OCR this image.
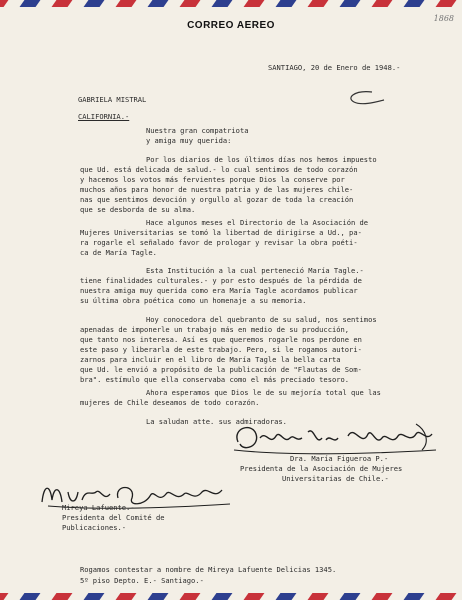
CORREO AEREO
1868
SANTIAGO, 20 de Enero de 1948.-
GABRIELA MISTRAL
CALIFORNIA.-
Nuestra gran compatriota
y amiga muy querida:
Por los diarios de los últimos días nos hemos impuesto
que Ud. está delicada de salud.- lo cual sentimos de todo corazón
y hacemos los votos más fervientes porque Dios la conserve por
muchos años para honor de nuestra patria y de las mujeres chile-
nas que sentimos devoción y orgullo al gozar de toda la creación
que se desborda de su alma.
Hace algunos meses el Directorio de la Asociación de
Mujeres Universitarias se tomó la libertad de dirigirse a Ud., pa-
ra rogarle el señalado favor de prologar y revisar la obra poéti-
ca de María Tagle.
Esta Institución a la cual perteneció María Tagle.-
tiene finalidades culturales.- y por esto después de la pérdida de
nuestra amiga muy querida como era María Tagle acordamos publicar
su última obra poética como un homenaje a su memoria.
Hoy conocedora del quebranto de su salud, nos sentimos
apenadas de imponerle un trabajo más en medio de su producción,
que tanto nos interesa. Así es que queremos rogarle nos perdone en
este paso y liberarla de este trabajo. Pero, si le rogamos autori-
zarnos para incluir en el libro de María Tagle la bella carta
que Ud. le envió a propósito de la publicación de "Flautas de Som-
bra". estímulo que ella conservaba como el más preciado tesoro.
Ahora esperamos que Dios le de su mejoría total que las
mujeres de Chile deseamos de todo corazón.
La saludan atte. sus admiradoras.
Dra. María Figueroa P.-
Presidenta de la Asociación de Mujeres
Universitarias de Chile.-
Mireya Lafuente.-
Presidenta del Comité de
Publicaciones.-
Rogamos contestar a nombre de Mireya Lafuente Delicias 1345.
5º piso Depto. E.- Santiago.-
